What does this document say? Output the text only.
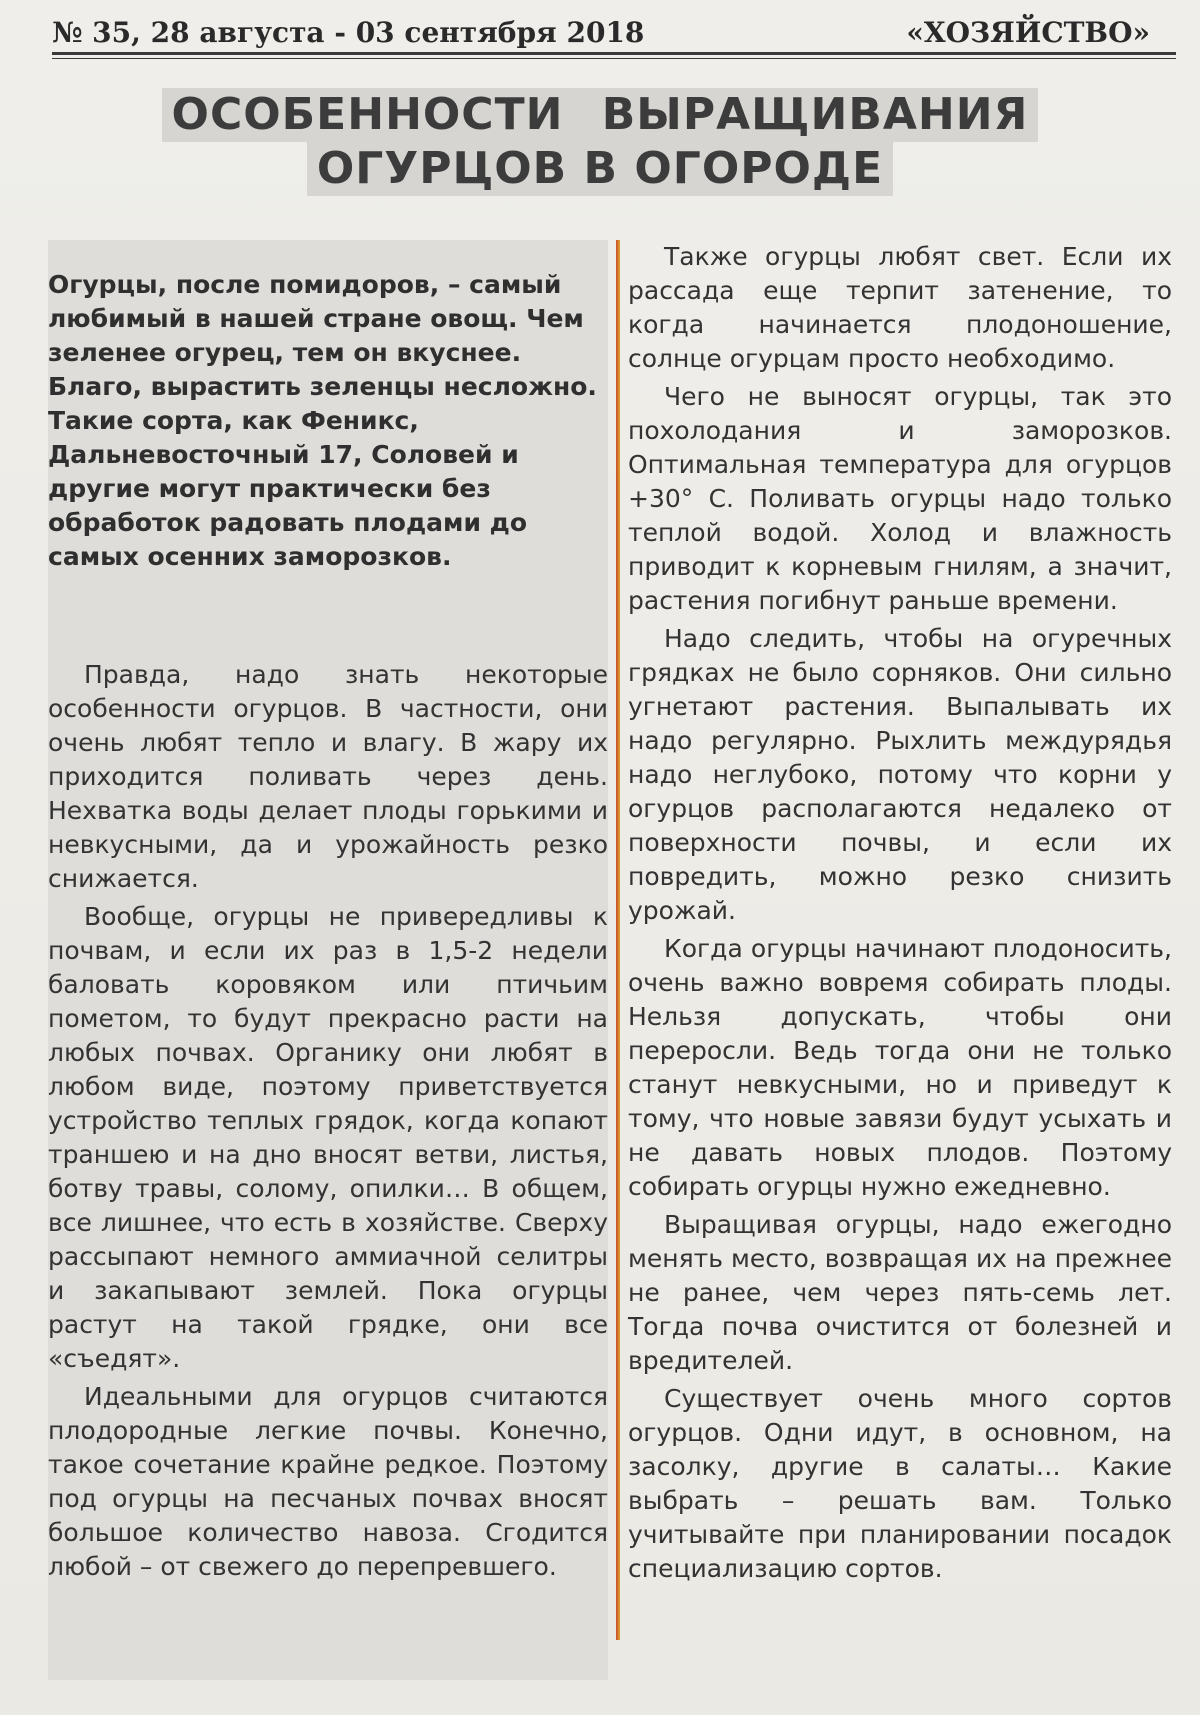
№ 35, 28 августа - 03 сентября 2018	«ХОЗЯЙСТВО»
ОСОБЕННОСТИ ВЫРАЩИВАНИЯ
ОГУРЦОВ В ОГОРОДЕ
Огурцы, после помидоров, – самый любимый в нашей стране овощ. Чем зеленее огурец, тем он вкуснее. Благо, вырастить зеленцы несложно. Такие сорта, как Феникс, Дальневосточный 17, Соловей и другие могут практически без обработок радовать плодами до самых осенних заморозков.

Правда, надо знать некоторые особенности огурцов. В частности, они очень любят тепло и влагу. В жару их приходится поливать через день. Нехватка воды делает плоды горькими и невкусными, да и урожайность резко снижается.

Вообще, огурцы не привередливы к почвам, и если их раз в 1,5-2 недели баловать коровяком или птичьим пометом, то будут прекрасно расти на любых почвах. Органику они любят в любом виде, поэтому приветствуется устройство теплых грядок, когда копают траншею и на дно вносят ветви, листья, ботву травы, солому, опилки… В общем, все лишнее, что есть в хозяйстве. Сверху рассыпают немного аммиачной селитры и закапывают землей. Пока огурцы растут на такой грядке, они все «съедят».

Идеальными для огурцов считаются плодородные легкие почвы. Конечно, такое сочетание крайне редкое. Поэтому под огурцы на песчаных почвах вносят большое количество навоза. Сгодится любой – от свежего до перепревшего.

Также огурцы любят свет. Если их рассада еще терпит затенение, то когда начинается плодоношение, солнце огурцам просто необходимо.

Чего не выносят огурцы, так это похолодания и заморозков. Оптимальная температура для огурцов +30° С. Поливать огурцы надо только теплой водой. Холод и влажность приводит к корневым гнилям, а значит, растения погибнут раньше времени.

Надо следить, чтобы на огуречных грядках не было сорняков. Они сильно угнетают растения. Выпалывать их надо регулярно. Рыхлить междурядья надо неглубоко, потому что корни у огурцов располагаются недалеко от поверхности почвы, и если их повредить, можно резко снизить урожай.

Когда огурцы начинают плодоносить, очень важно вовремя собирать плоды. Нельзя допускать, чтобы они переросли. Ведь тогда они не только станут невкусными, но и приведут к тому, что новые завязи будут усыхать и не давать новых плодов. Поэтому собирать огурцы нужно ежедневно.

Выращивая огурцы, надо ежегодно менять место, возвращая их на прежнее не ранее, чем через пять-семь лет. Тогда почва очистится от болезней и вредителей.

Существует очень много сортов огурцов. Одни идут, в основном, на засолку, другие в салаты… Какие выбрать – решать вам. Только учитывайте при планировании посадок специализацию сортов.
